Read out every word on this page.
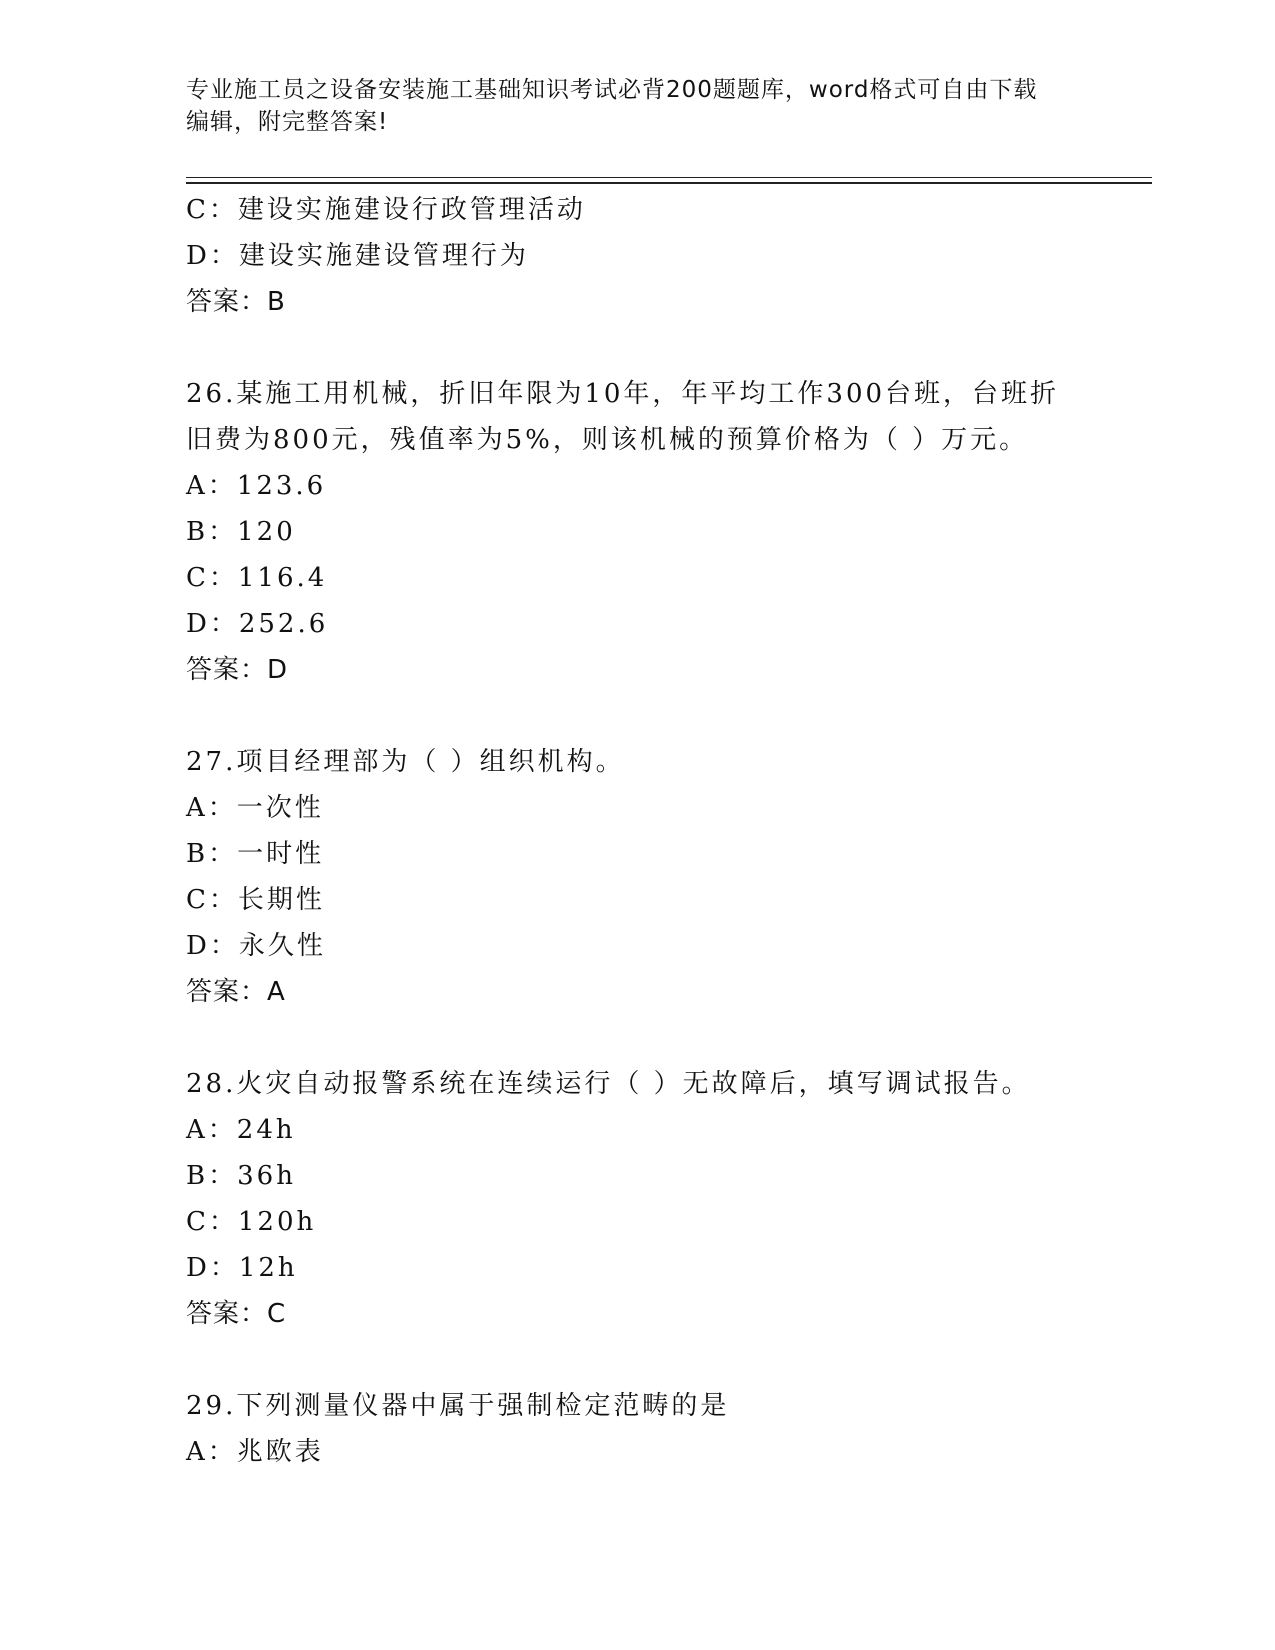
专业施工员之设备安装施工基础知识考试必背200题题库，word格式可自由下载
编辑，附完整答案!
C：建设实施建设行政管理活动
D：建设实施建设管理行为
答案：B
26.某施工用机械，折旧年限为10年，年平均工作300台班，台班折
旧费为800元，残值率为5%，则该机械的预算价格为（ ）万元。
A：123.6
B：120
C：116.4
D：252.6
答案：D
27.项目经理部为（ ）组织机构。
A：一次性
B：一时性
C：长期性
D：永久性
答案：A
28.火灾自动报警系统在连续运行（ ）无故障后，填写调试报告。
A：24h
B：36h
C：120h
D：12h
答案：C
29.下列测量仪器中属于强制检定范畴的是
A：兆欧表
